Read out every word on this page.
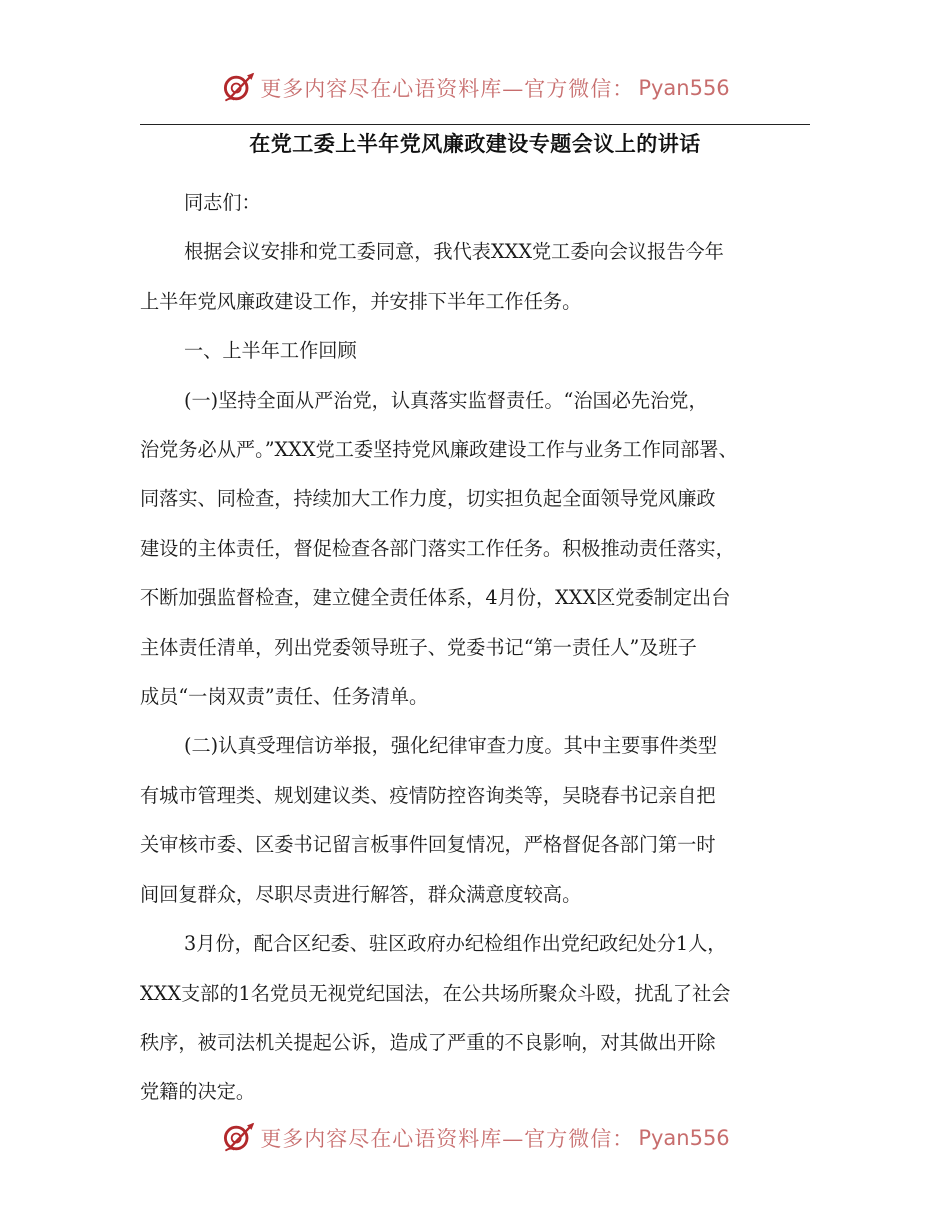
更多内容尽在心语资料库—官方微信： Pyan556
在党工委上半年党风廉政建设专题会议上的讲话

同志们：

根据会议安排和党工委同意，我代表XXX党工委向会议报告今年
上半年党风廉政建设工作，并安排下半年工作任务。

一、上半年工作回顾

(一)坚持全面从严治党，认真落实监督责任。“治国必先治党，
治党务必从严。”XXX党工委坚持党风廉政建设工作与业务工作同部署、
同落实、同检查，持续加大工作力度，切实担负起全面领导党风廉政
建设的主体责任，督促检查各部门落实工作任务。积极推动责任落实，
不断加强监督检查，建立健全责任体系，4月份，XXX区党委制定出台
主体责任清单，列出党委领导班子、党委书记“第一责任人”及班子
成员“一岗双责”责任、任务清单。

(二)认真受理信访举报，强化纪律审查力度。其中主要事件类型
有城市管理类、规划建议类、疫情防控咨询类等，吴晓春书记亲自把
关审核市委、区委书记留言板事件回复情况，严格督促各部门第一时
间回复群众，尽职尽责进行解答，群众满意度较高。

3月份，配合区纪委、驻区政府办纪检组作出党纪政纪处分1人，
XXX支部的1名党员无视党纪国法，在公共场所聚众斗殴，扰乱了社会
秩序，被司法机关提起公诉，造成了严重的不良影响，对其做出开除
党籍的决定。

更多内容尽在心语资料库—官方微信： Pyan556
